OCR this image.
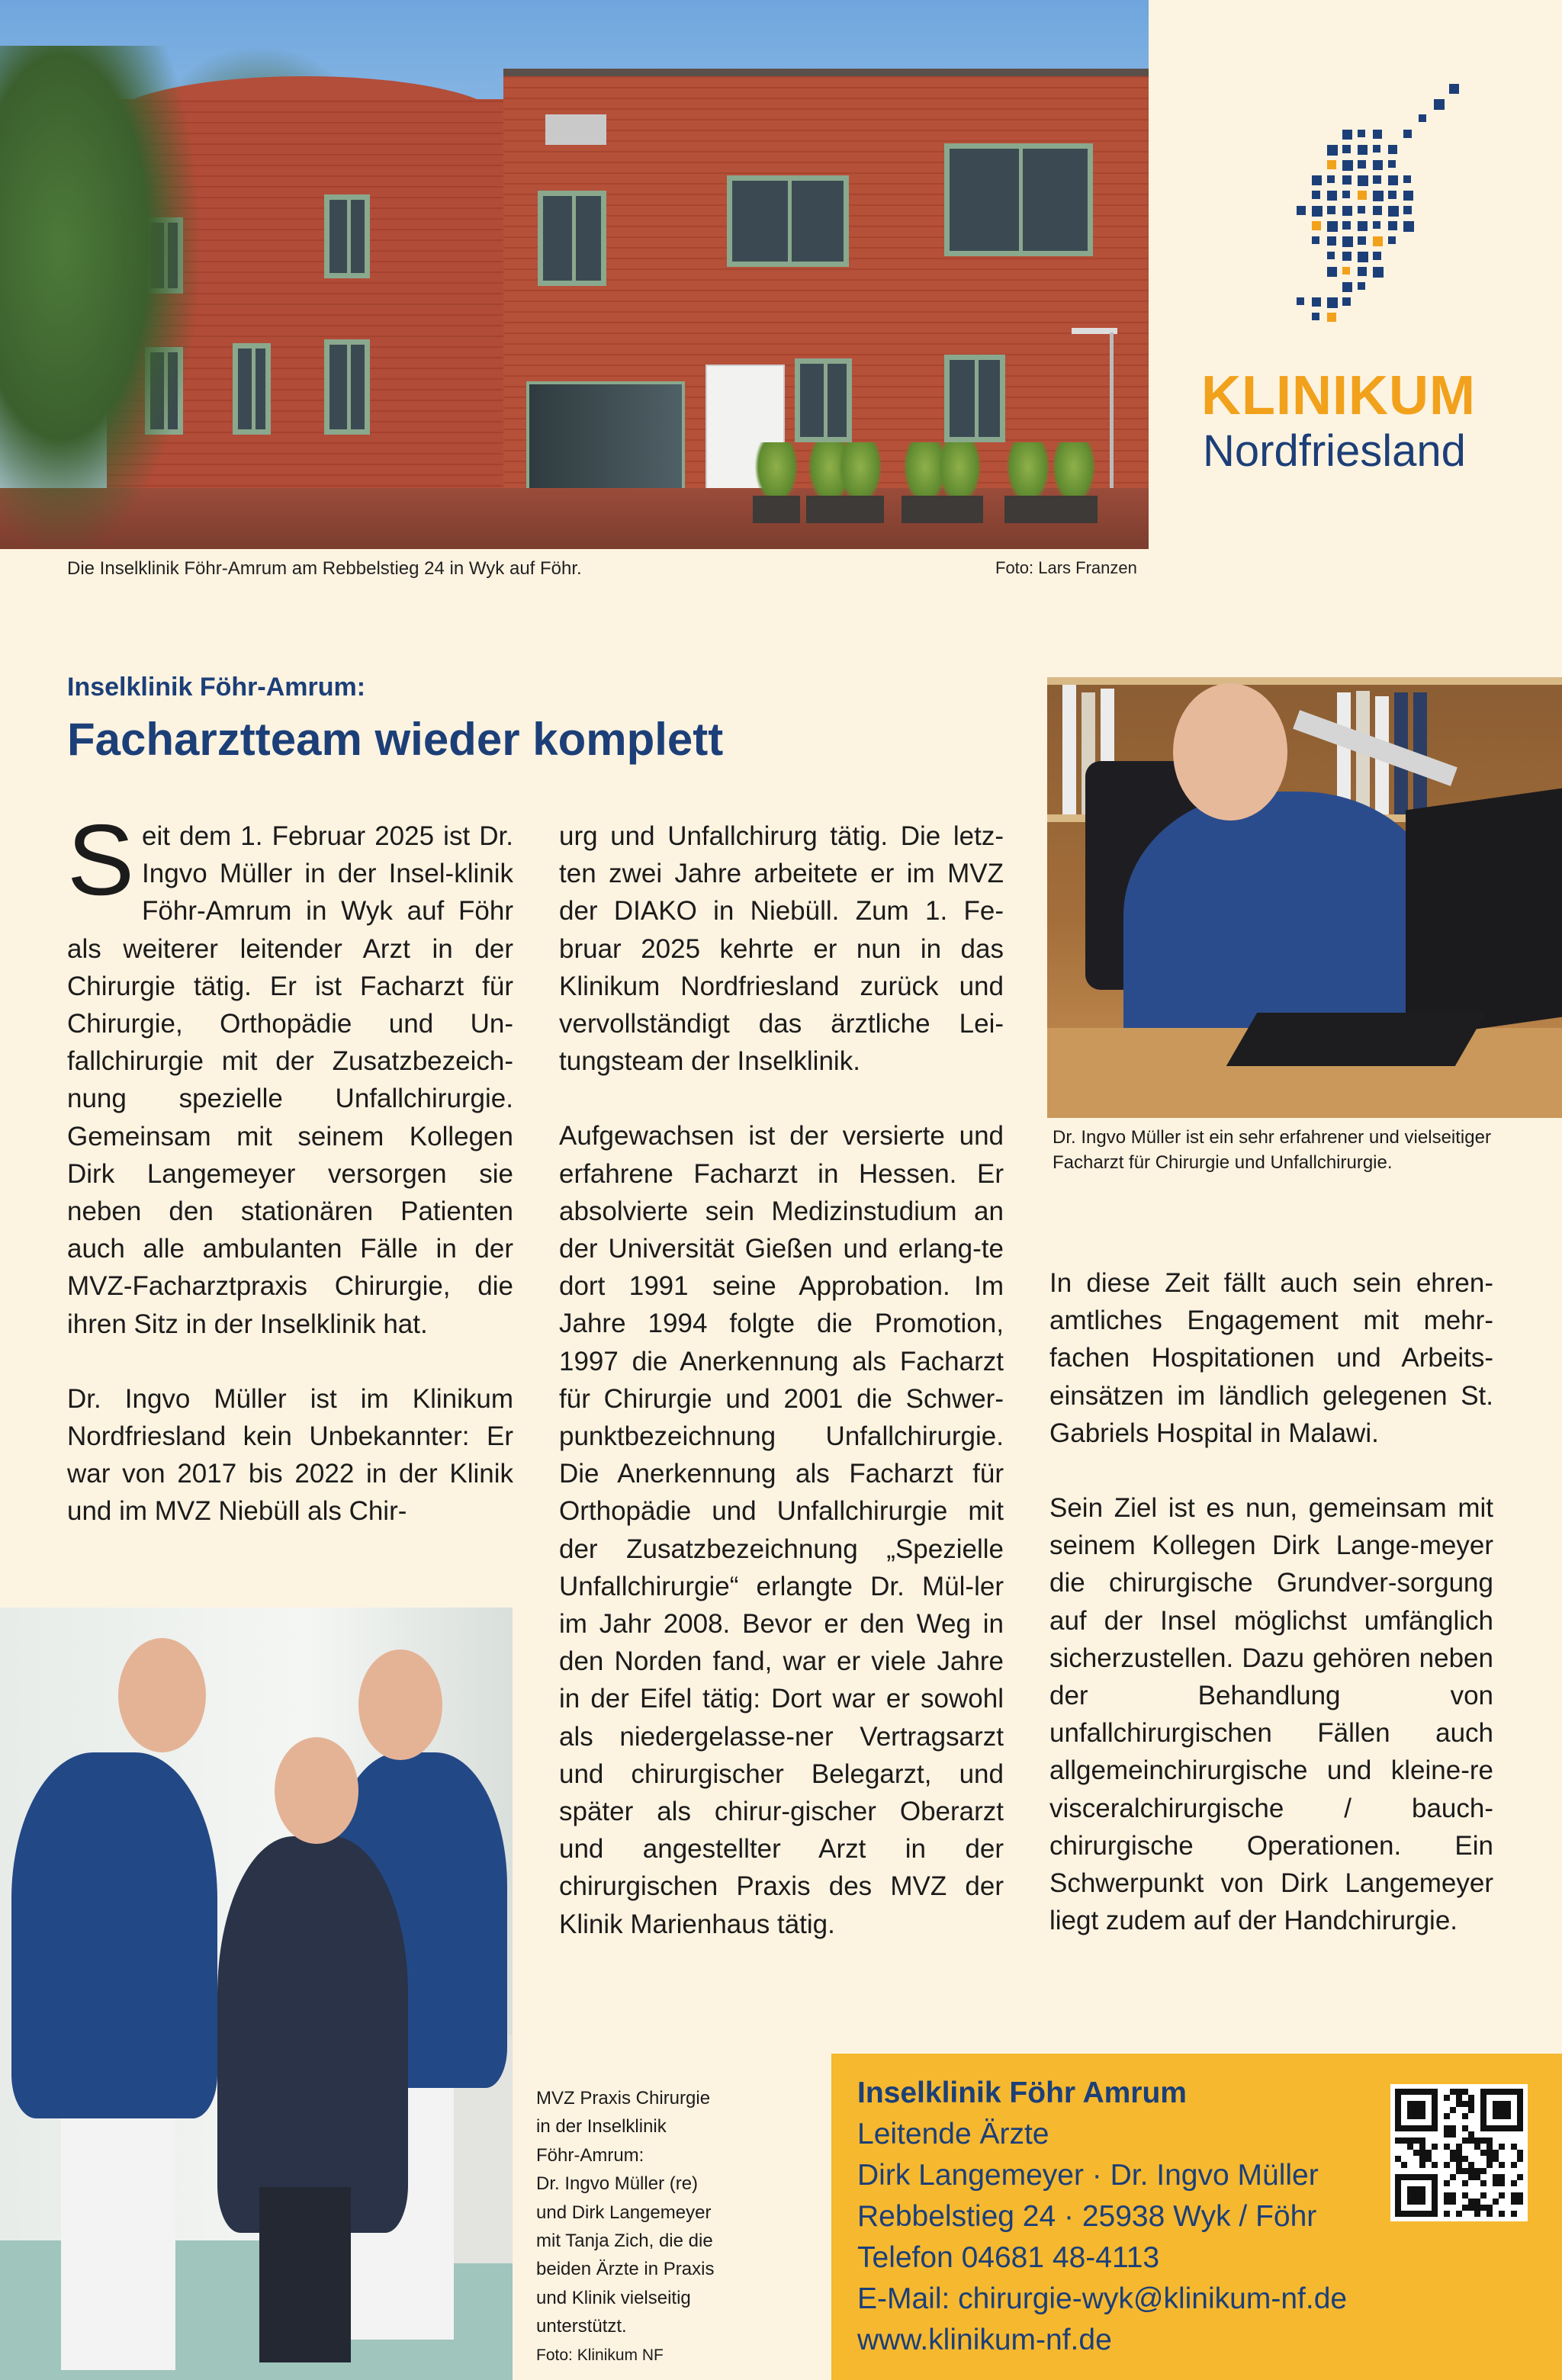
Die Inselklinik Föhr-Amrum am Rebbelstieg 24 in Wyk auf Föhr.	Foto: Lars Franzen
KLINIKUM
Nordfriesland
Inselklinik Föhr-Amrum:
Facharztteam wieder komplett

Seit dem 1. Februar 2025 ist Dr. Ingvo Müller in der Insel-klinik Föhr-Amrum in Wyk auf Föhr als weiterer leitender Arzt in der Chirurgie tätig. Er ist Facharzt für Chirurgie, Orthopädie und Un-fallchirurgie mit der Zusatzbezeich-nung spezielle Unfallchirurgie. Gemeinsam mit seinem Kollegen Dirk Langemeyer versorgen sie neben den stationären Patienten auch alle ambulanten Fälle in der MVZ-Facharztpraxis Chirurgie, die ihren Sitz in der Inselklinik hat.

Dr. Ingvo Müller ist im Klinikum Nordfriesland kein Unbekannter: Er war von 2017 bis 2022 in der Klinik und im MVZ Niebüll als Chir-

urg und Unfallchirurg tätig. Die letz-ten zwei Jahre arbeitete er im MVZ der DIAKO in Niebüll. Zum 1. Fe-bruar 2025 kehrte er nun in das Klinikum Nordfriesland zurück und vervollständigt das ärztliche Lei-tungsteam der Inselklinik.

Aufgewachsen ist der versierte und erfahrene Facharzt in Hessen. Er absolvierte sein Medizinstudium an der Universität Gießen und erlang-te dort 1991 seine Approbation. Im Jahre 1994 folgte die Promotion, 1997 die Anerkennung als Facharzt für Chirurgie und 2001 die Schwer-punktbezeichnung Unfallchirurgie. Die Anerkennung als Facharzt für Orthopädie und Unfallchirurgie mit der Zusatzbezeichnung „Spezielle Unfallchirurgie“ erlangte Dr. Mül-ler im Jahr 2008. Bevor er den Weg in den Norden fand, war er viele Jahre in der Eifel tätig: Dort war er sowohl als niedergelasse-ner Vertragsarzt und chirurgischer Belegarzt, und später als chirur-gischer Oberarzt und angestellter Arzt in der chirurgischen Praxis des MVZ der Klinik Marienhaus tätig.

In diese Zeit fällt auch sein ehren-amtliches Engagement mit mehr-fachen Hospitationen und Arbeits-einsätzen im ländlich gelegenen St. Gabriels Hospital in Malawi.

Sein Ziel ist es nun, gemeinsam mit seinem Kollegen Dirk Lange-meyer die chirurgische Grundver-sorgung auf der Insel möglichst umfänglich sicherzustellen. Dazu gehören neben der Behandlung von unfallchirurgischen Fällen auch allgemeinchirurgische und kleine-re visceralchirurgische / bauch-chirurgische Operationen. Ein Schwerpunkt von Dirk Langemeyer liegt zudem auf der Handchirurgie.

Dr. Ingvo Müller ist ein sehr erfahrener und vielseitiger Facharzt für Chirurgie und Unfallchirurgie.
MVZ Praxis Chirurgie
in der Inselklinik
Föhr-Amrum:
Dr. Ingvo Müller (re)
und Dirk Langemeyer
mit Tanja Zich, die die
beiden Ärzte in Praxis
und Klinik vielseitig
unterstützt.
Foto: Klinikum NF
Inselklinik Föhr Amrum
Leitende Ärzte
Dirk Langemeyer · Dr. Ingvo Müller
Rebbelstieg 24 · 25938 Wyk / Föhr
Telefon 04681 48-4113
E-Mail: chirurgie-wyk@klinikum-nf.de
www.klinikum-nf.de
